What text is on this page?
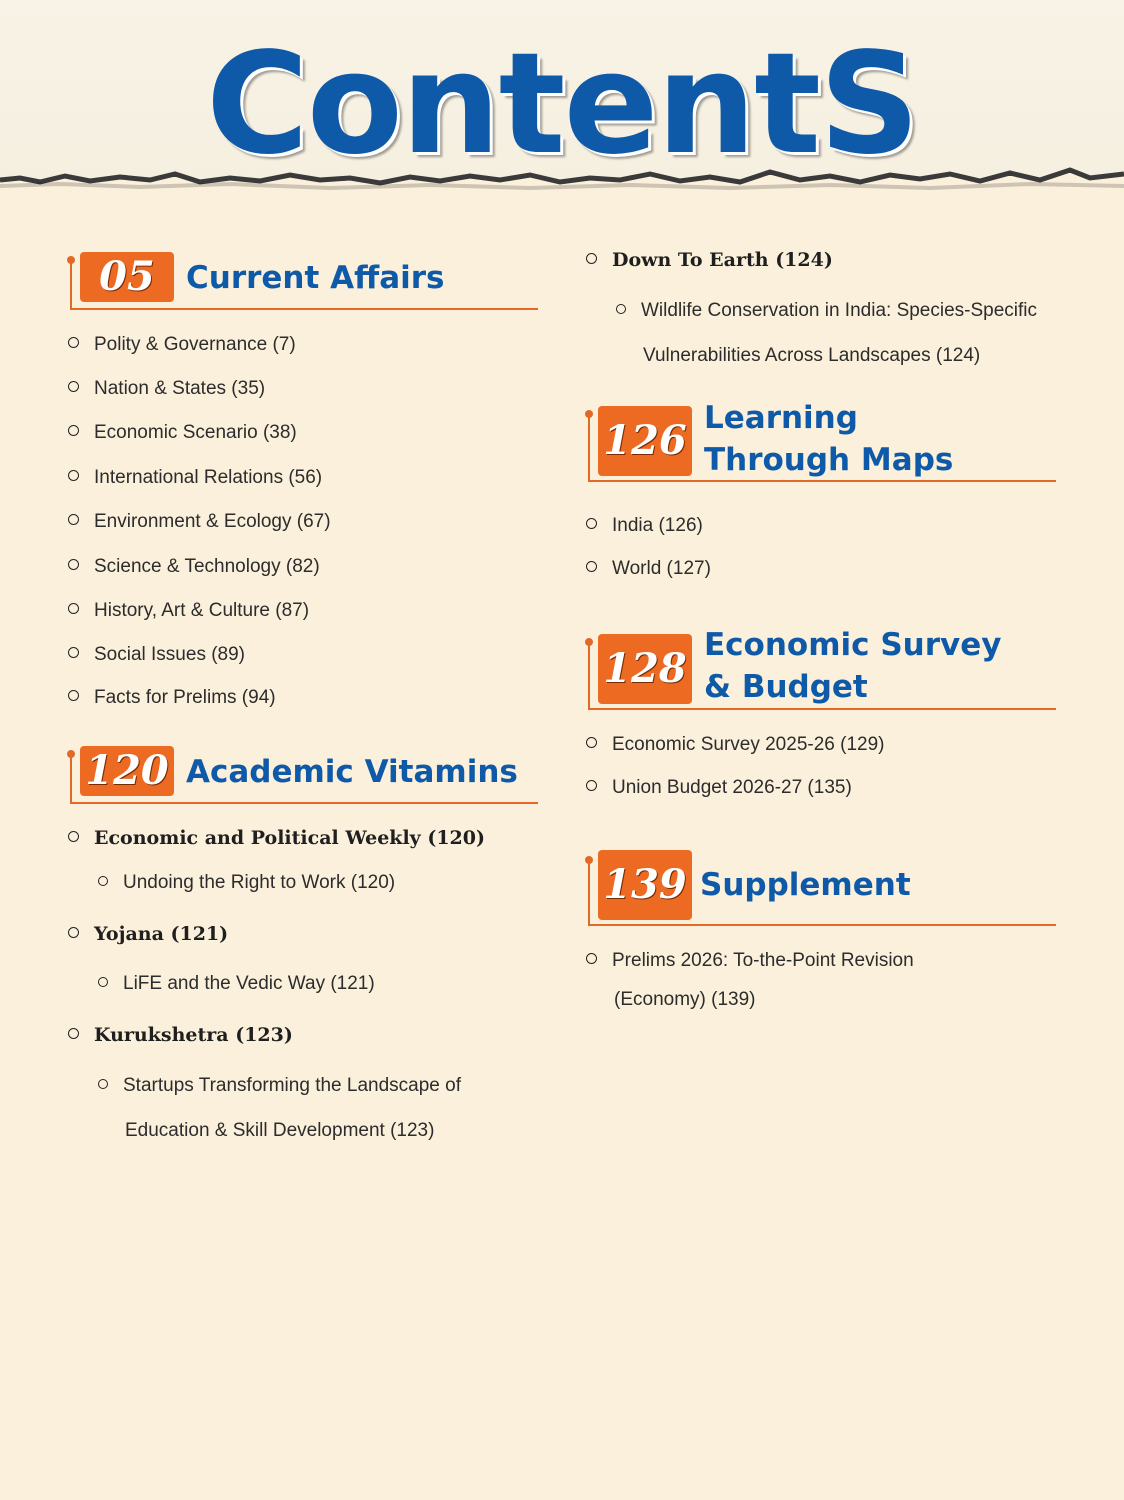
ContentS
05	Current Affairs
Polity & Governance (7)
Nation & States (35)
Economic Scenario (38)
International Relations (56)
Environment & Ecology (67)
Science & Technology (82)
History, Art & Culture (87)
Social Issues (89)
Facts for Prelims (94)
120 Academic Vitamins
Economic and Political Weekly (120)
Undoing the Right to Work (120)
Yojana (121)
LiFE and the Vedic Way (121)
Kurukshetra (123)
Startups Transforming the Landscape of
Education & Skill Development (123)
Down To Earth (124)
Wildlife Conservation in India: Species-Specific
Vulnerabilities Across Landscapes (124)
126 Learning
Through Maps
India (126)
World (127)
128 Economic Survey
& Budget
Economic Survey 2025-26 (129)
Union Budget 2026-27 (135)
139 Supplement
Prelims 2026: To-the-Point Revision
(Economy) (139)
